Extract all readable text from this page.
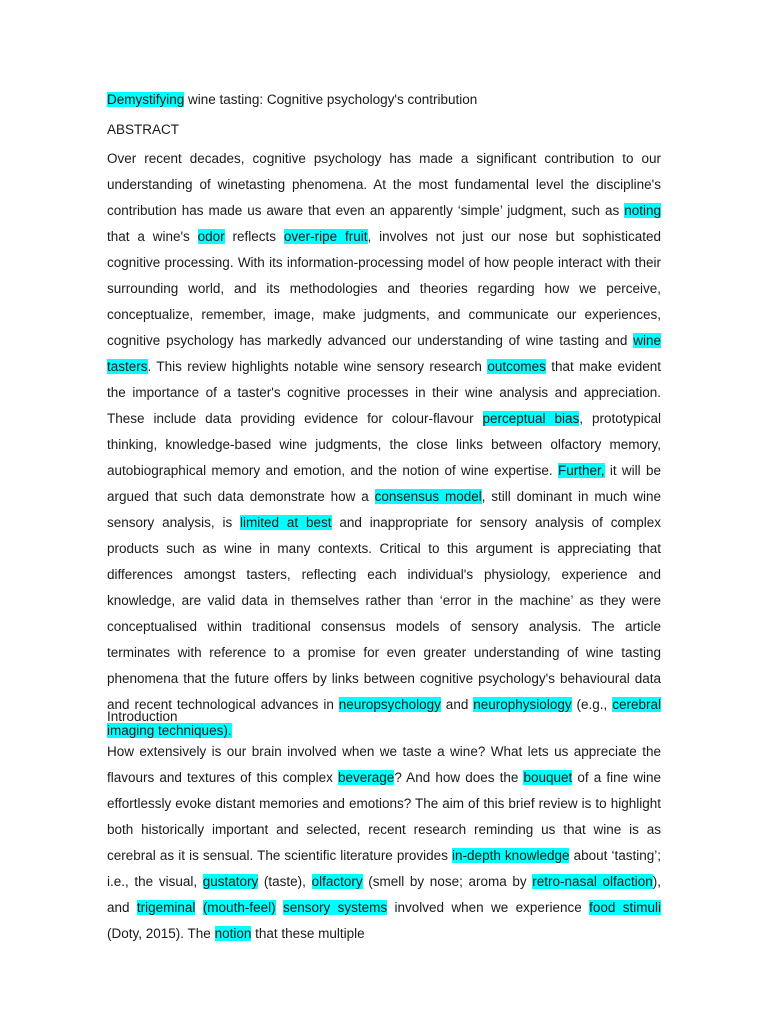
Demystifying wine tasting: Cognitive psychology's contribution
ABSTRACT
Over recent decades, cognitive psychology has made a significant contribution to our understanding of winetasting phenomena. At the most fundamental level the discipline's contribution has made us aware that even an apparently ‘simple’ judgment, such as noting that a wine's odor reflects over-ripe fruit, involves not just our nose but sophisticated cognitive processing. With its information-processing model of how people interact with their surrounding world, and its methodologies and theories regarding how we perceive, conceptualize, remember, image, make judgments, and communicate our experiences, cognitive psychology has markedly advanced our understanding of wine tasting and wine tasters. This review highlights notable wine sensory research outcomes that make evident the importance of a taster's cognitive processes in their wine analysis and appreciation. These include data providing evidence for colour-flavour perceptual bias, prototypical thinking, knowledge-based wine judgments, the close links between olfactory memory, autobiographical memory and emotion, and the notion of wine expertise. Further, it will be argued that such data demonstrate how a consensus model, still dominant in much wine sensory analysis, is limited at best and inappropriate for sensory analysis of complex products such as wine in many contexts. Critical to this argument is appreciating that differences amongst tasters, reflecting each individual's physiology, experience and knowledge, are valid data in themselves rather than ‘error in the machine’ as they were conceptualised within traditional consensus models of sensory analysis. The article terminates with reference to a promise for even greater understanding of wine tasting phenomena that the future offers by links between cognitive psychology's behavioural data and recent technological advances in neuropsychology and neurophysiology (e.g., cerebral imaging techniques).
Introduction
How extensively is our brain involved when we taste a wine? What lets us appreciate the flavours and textures of this complex beverage? And how does the bouquet of a fine wine effortlessly evoke distant memories and emotions? The aim of this brief review is to highlight both historically important and selected, recent research reminding us that wine is as cerebral as it is sensual. The scientific literature provides in-depth knowledge about ‘tasting’; i.e., the visual, gustatory (taste), olfactory (smell by nose; aroma by retro-nasal olfaction), and trigeminal (mouth-feel) sensory systems involved when we experience food stimuli (Doty, 2015). The notion that these multiple
